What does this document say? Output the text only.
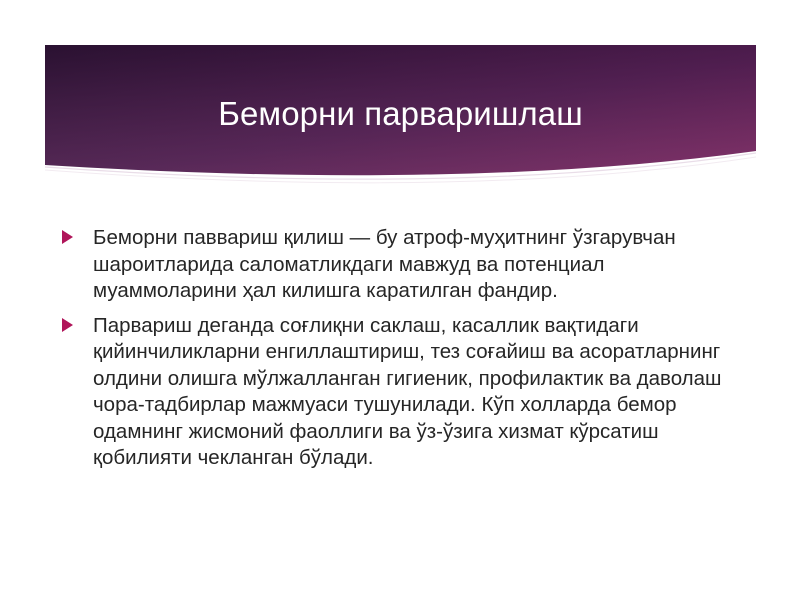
Беморни парваришлаш
Беморни паввариш қилиш — бу атроф-муҳитнинг ўзгарувчан шароитларида саломатликдаги мавжуд ва потенциал муаммоларини ҳал килишга каратилган фандир.
Парвариш деганда соғлиқни саклаш, касаллик вақтидаги қийинчиликларни енгиллаштириш, тез соғайиш ва асоратларнинг олдини олишга мўлжалланган гигиеник, профилактик ва даволаш чора-тадбирлар мажмуаси тушунилади. Кўп холларда бемор одамнинг жисмоний фаоллиги ва ўз-ўзига хизмат кўрсатиш қобилияти чекланган бўлади.
